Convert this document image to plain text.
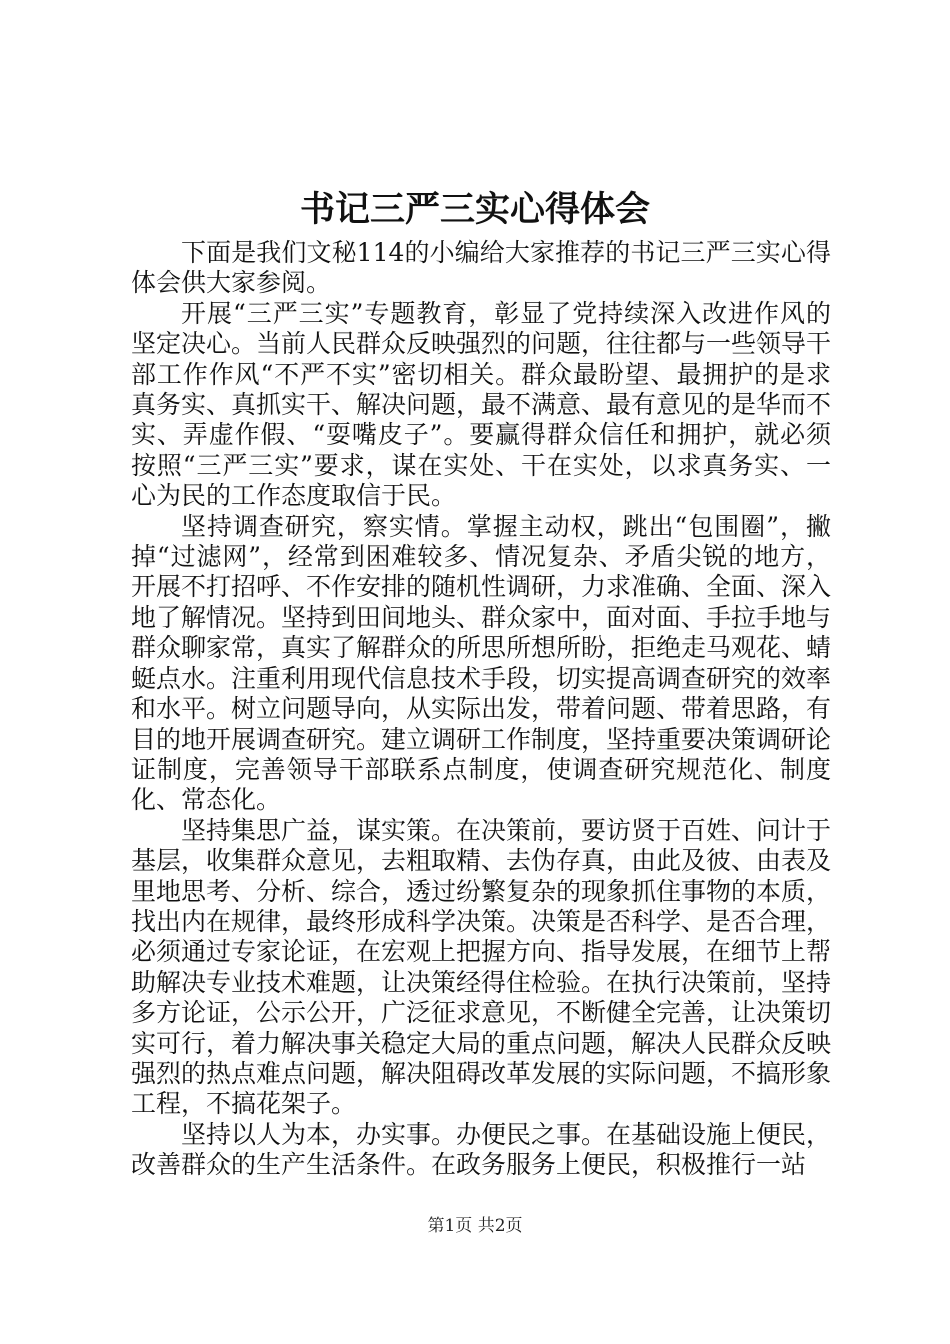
书记三严三实心得体会

下面是我们文秘114的小编给大家推荐的书记三严三实心得体会供大家参阅。

开展“三严三实”专题教育，彰显了党持续深入改进作风的坚定决心。当前人民群众反映强烈的问题，往往都与一些领导干部工作作风“不严不实”密切相关。群众最盼望、最拥护的是求真务实、真抓实干、解决问题，最不满意、最有意见的是华而不实、弄虚作假、“耍嘴皮子”。要赢得群众信任和拥护，就必须按照“三严三实”要求，谋在实处、干在实处，以求真务实、一心为民的工作态度取信于民。

坚持调查研究，察实情。掌握主动权，跳出“包围圈”，撇掉“过滤网”，经常到困难较多、情况复杂、矛盾尖锐的地方，开展不打招呼、不作安排的随机性调研，力求准确、全面、深入地了解情况。坚持到田间地头、群众家中，面对面、手拉手地与群众聊家常，真实了解群众的所思所想所盼，拒绝走马观花、蜻蜓点水。注重利用现代信息技术手段，切实提高调查研究的效率和水平。树立问题导向，从实际出发，带着问题、带着思路，有目的地开展调查研究。建立调研工作制度，坚持重要决策调研论证制度，完善领导干部联系点制度，使调查研究规范化、制度化、常态化。

坚持集思广益，谋实策。在决策前，要访贤于百姓、问计于基层，收集群众意见，去粗取精、去伪存真，由此及彼、由表及里地思考、分析、综合，透过纷繁复杂的现象抓住事物的本质，找出内在规律，最终形成科学决策。决策是否科学、是否合理，必须通过专家论证，在宏观上把握方向、指导发展，在细节上帮助解决专业技术难题，让决策经得住检验。在执行决策前，坚持多方论证，公示公开，广泛征求意见，不断健全完善，让决策切实可行，着力解决事关稳定大局的重点问题，解决人民群众反映强烈的热点难点问题，解决阻碍改革发展的实际问题，不搞形象工程，不搞花架子。

坚持以人为本，办实事。办便民之事。在基础设施上便民，改善群众的生产生活条件。在政务服务上便民，积极推行一站

第1页 共2页
